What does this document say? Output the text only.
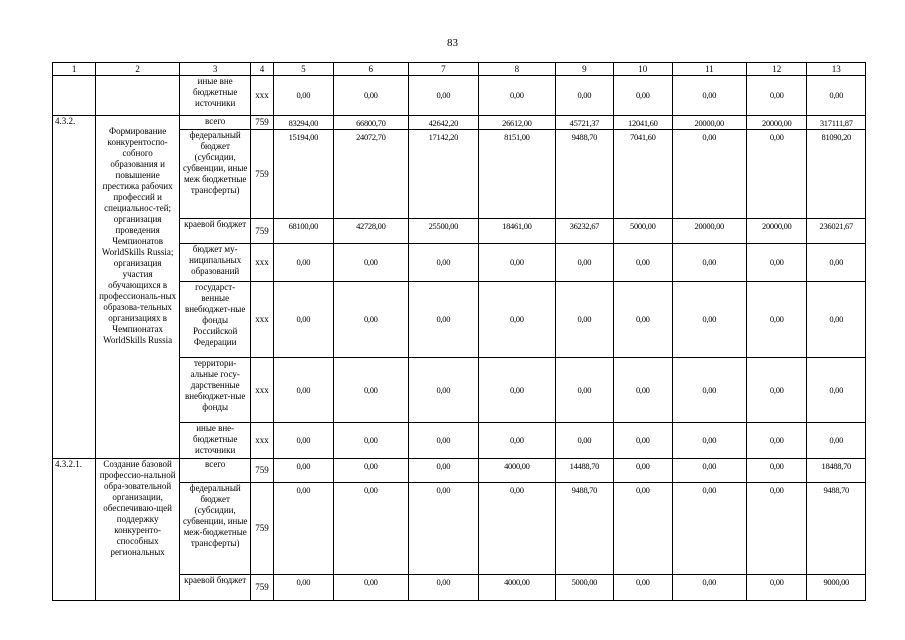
83
1	2	3	4	5	6	7	8	9	10	11	12	13
		иные вне бюджетные источники	ххх	0,00	0,00	0,00	0,00	0,00	0,00	0,00	0,00	0,00
4.3.2.	Формирование конкурентоспо-собного образования и повышение престижа рабочих профессий и специальнос-тей; организация проведения Чемпионатов WorldSkills Russia; организация участия обучающихся в профессиональ-ных образова-тельных организациях в Чемпионатах WorldSkills Russia	всего	759	83294,00	66800,70	42642,20	26612,00	45721,37	12041,60	20000,00	20000,00	317111,87
		федеральный бюджет (субсидии, субвенции, иные меж бюджетные трансферты)	759	15194,00	24072,70	17142,20	8151,00	9488,70	7041,60	0,00	0,00	81090,20
		краевой бюджет	759	68100,00	42728,00	25500,00	18461,00	36232,67	5000,00	20000,00	20000,00	236021,67
		бюджет му-ниципальных образований	ххх	0,00	0,00	0,00	0,00	0,00	0,00	0,00	0,00	0,00
		государст-венные внебюджет-ные фонды Российской Федерации	ххх	0,00	0,00	0,00	0,00	0,00	0,00	0,00	0,00	0,00
		территори-альные госу-дарственные внебюджет-ные фонды	ххх	0,00	0,00	0,00	0,00	0,00	0,00	0,00	0,00	0,00
		иные вне-бюджетные источники	ххх	0,00	0,00	0,00	0,00	0,00	0,00	0,00	0,00	0,00
4.3.2.1.	Создание базовой профессио-нальной обра-зовательной организации, обеспечиваю-щей поддержку конкурентo-способных региональных	всего	759	0,00	0,00	0,00	4000,00	14488,70	0,00	0,00	0,00	18488,70
		федеральный бюджет (субсидии, субвенции, иные меж-бюджетные трансферты)	759	0,00	0,00	0,00	0,00	9488,70	0,00	0,00	0,00	9488,70
		краевой бюджет	759	0,00	0,00	0,00	4000,00	5000,00	0,00	0,00	0,00	9000,00
